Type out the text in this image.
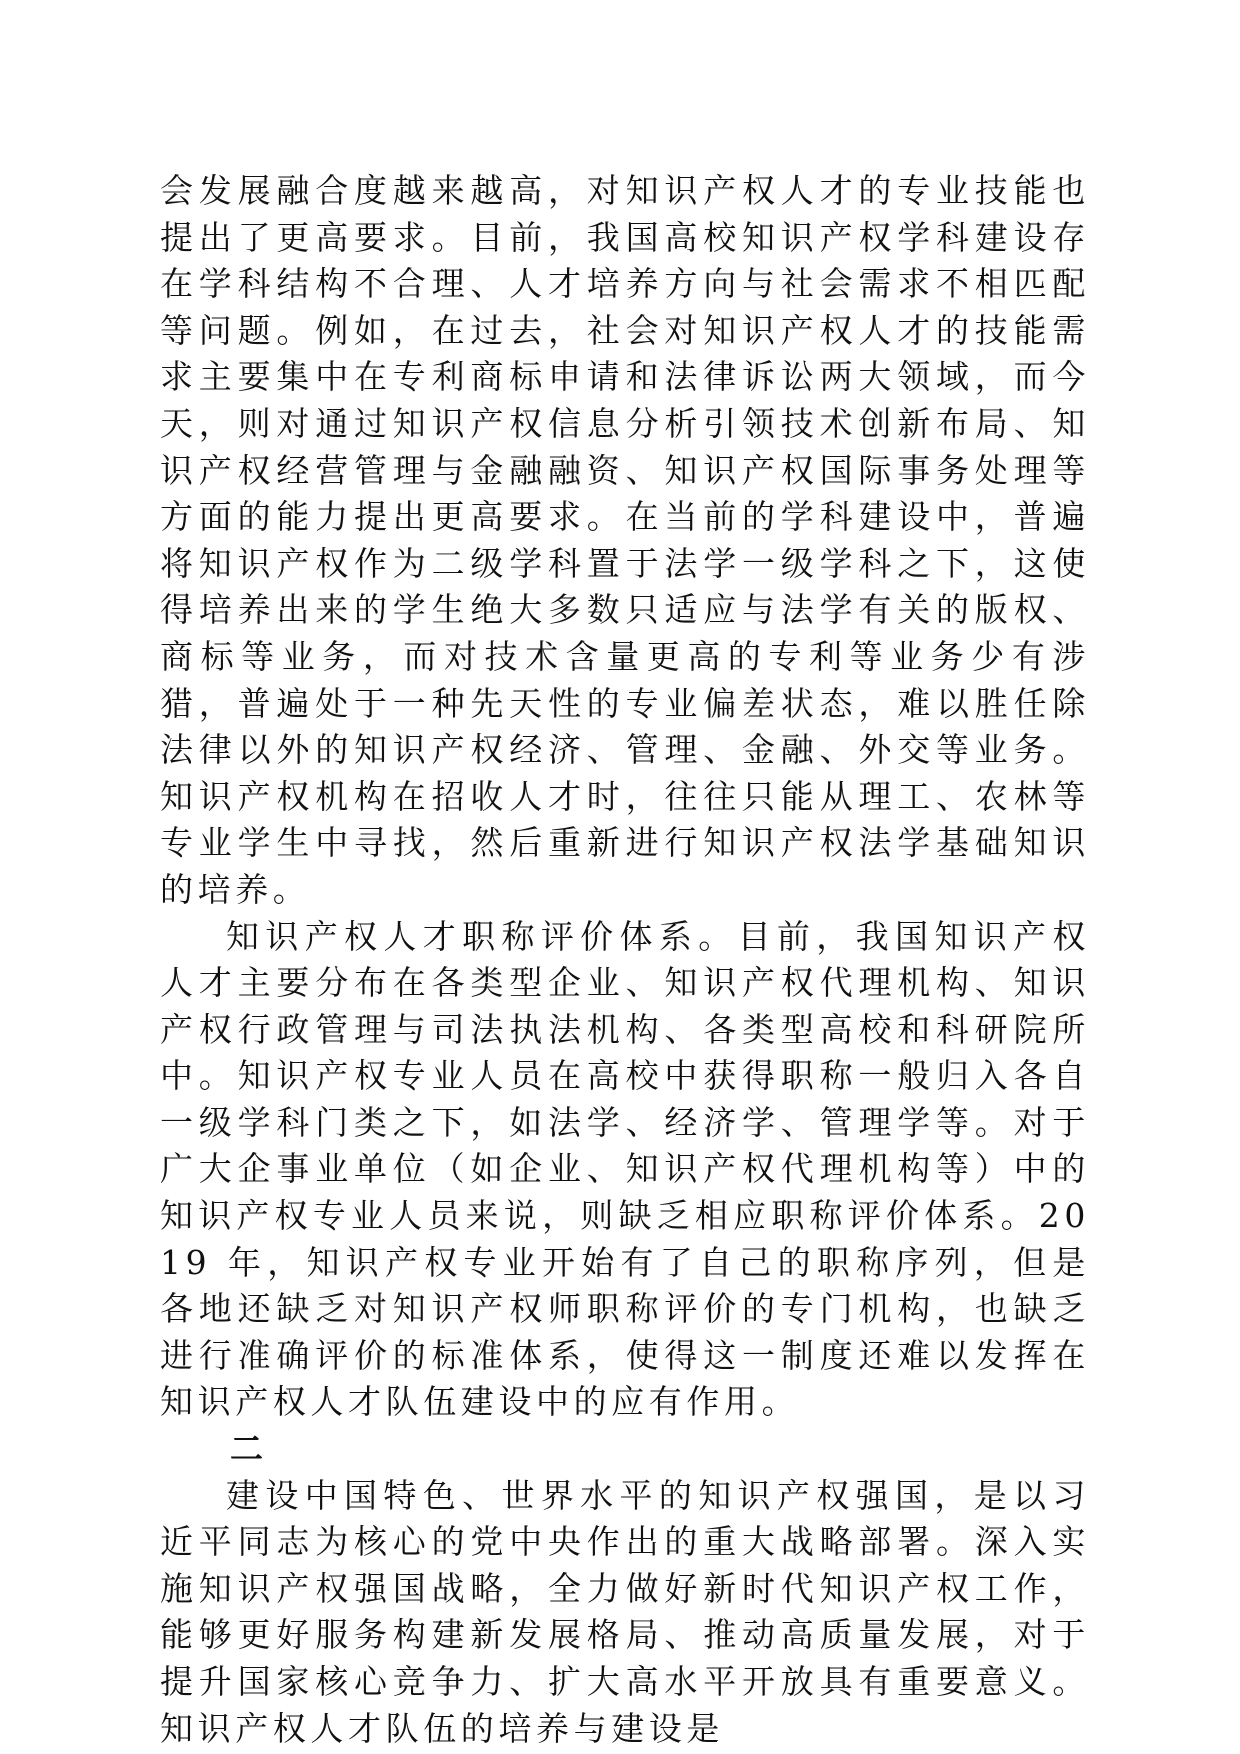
会发展融合度越来越高，对知识产权人才的专业技能也提出了更高要求。目前，我国高校知识产权学科建设存在学科结构不合理、人才培养方向与社会需求不相匹配等问题。例如，在过去，社会对知识产权人才的技能需求主要集中在专利商标申请和法律诉讼两大领域，而今天，则对通过知识产权信息分析引领技术创新布局、知识产权经营管理与金融融资、知识产权国际事务处理等方面的能力提出更高要求。在当前的学科建设中，普遍将知识产权作为二级学科置于法学一级学科之下，这使得培养出来的学生绝大多数只适应与法学有关的版权、商标等业务，而对技术含量更高的专利等业务少有涉猎，普遍处于一种先天性的专业偏差状态，难以胜任除法律以外的知识产权经济、管理、金融、外交等业务。知识产权机构在招收人才时，往往只能从理工、农林等专业学生中寻找，然后重新进行知识产权法学基础知识的培养。

知识产权人才职称评价体系。目前，我国知识产权人才主要分布在各类型企业、知识产权代理机构、知识产权行政管理与司法执法机构、各类型高校和科研院所中。知识产权专业人员在高校中获得职称一般归入各自一级学科门类之下，如法学、经济学、管理学等。对于广大企事业单位（如企业、知识产权代理机构等）中的知识产权专业人员来说，则缺乏相应职称评价体系。2019 年，知识产权专业开始有了自己的职称序列，但是各地还缺乏对知识产权师职称评价的专门机构，也缺乏进行准确评价的标准体系，使得这一制度还难以发挥在知识产权人才队伍建设中的应有作用。

二

建设中国特色、世界水平的知识产权强国，是以习近平同志为核心的党中央作出的重大战略部署。深入实施知识产权强国战略，全力做好新时代知识产权工作，能够更好服务构建新发展格局、推动高质量发展，对于提升国家核心竞争力、扩大高水平开放具有重要意义。知识产权人才队伍的培养与建设是
